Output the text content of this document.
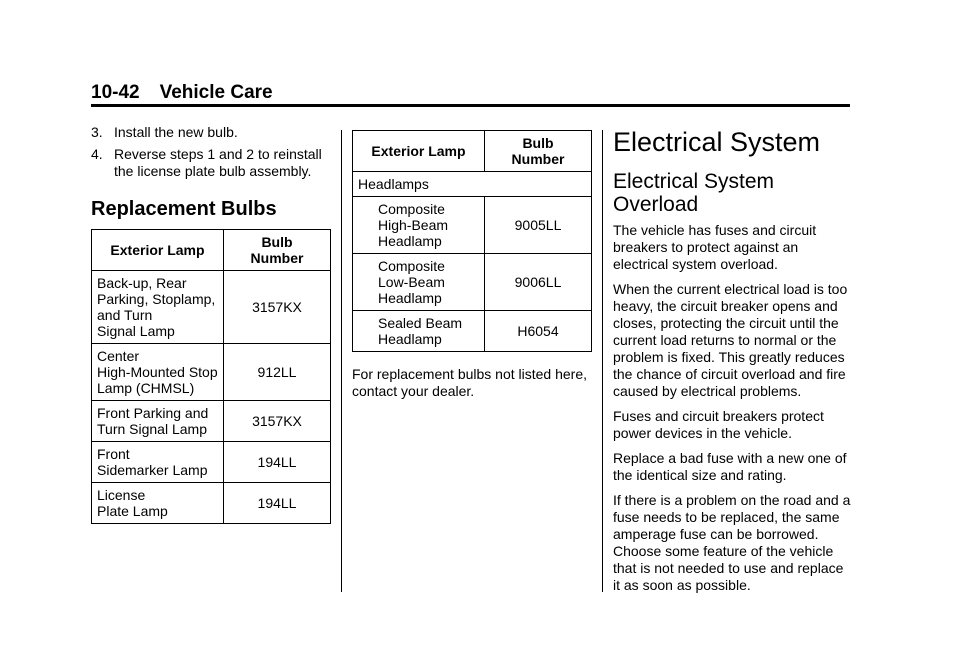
10-42 Vehicle Care
3. Install the new bulb.
4. Reverse steps 1 and 2 to reinstall the license plate bulb assembly.
Replacement Bulbs
Exterior Lamp	Bulb
Number
Back-up, Rear
Parking, Stoplamp,
and Turn
Signal Lamp	3157KX
Center
High-Mounted Stop
Lamp (CHMSL)	912LL
Front Parking and
Turn Signal Lamp	3157KX
Front
Sidemarker Lamp	194LL
License
Plate Lamp	194LL
Exterior Lamp	Bulb
Number
Headlamps	
Composite
High-Beam
Headlamp	9005LL
Composite
Low-Beam
Headlamp	9006LL
Sealed Beam
Headlamp	H6054

For replacement bulbs not listed here, contact your dealer.

Electrical System
Electrical System Overload

The vehicle has fuses and circuit breakers to protect against an electrical system overload.

When the current electrical load is too heavy, the circuit breaker opens and closes, protecting the circuit until the current load returns to normal or the problem is fixed. This greatly reduces the chance of circuit overload and fire caused by electrical problems.

Fuses and circuit breakers protect power devices in the vehicle.

Replace a bad fuse with a new one of the identical size and rating.

If there is a problem on the road and a fuse needs to be replaced, the same amperage fuse can be borrowed. Choose some feature of the vehicle that is not needed to use and replace it as soon as possible.
